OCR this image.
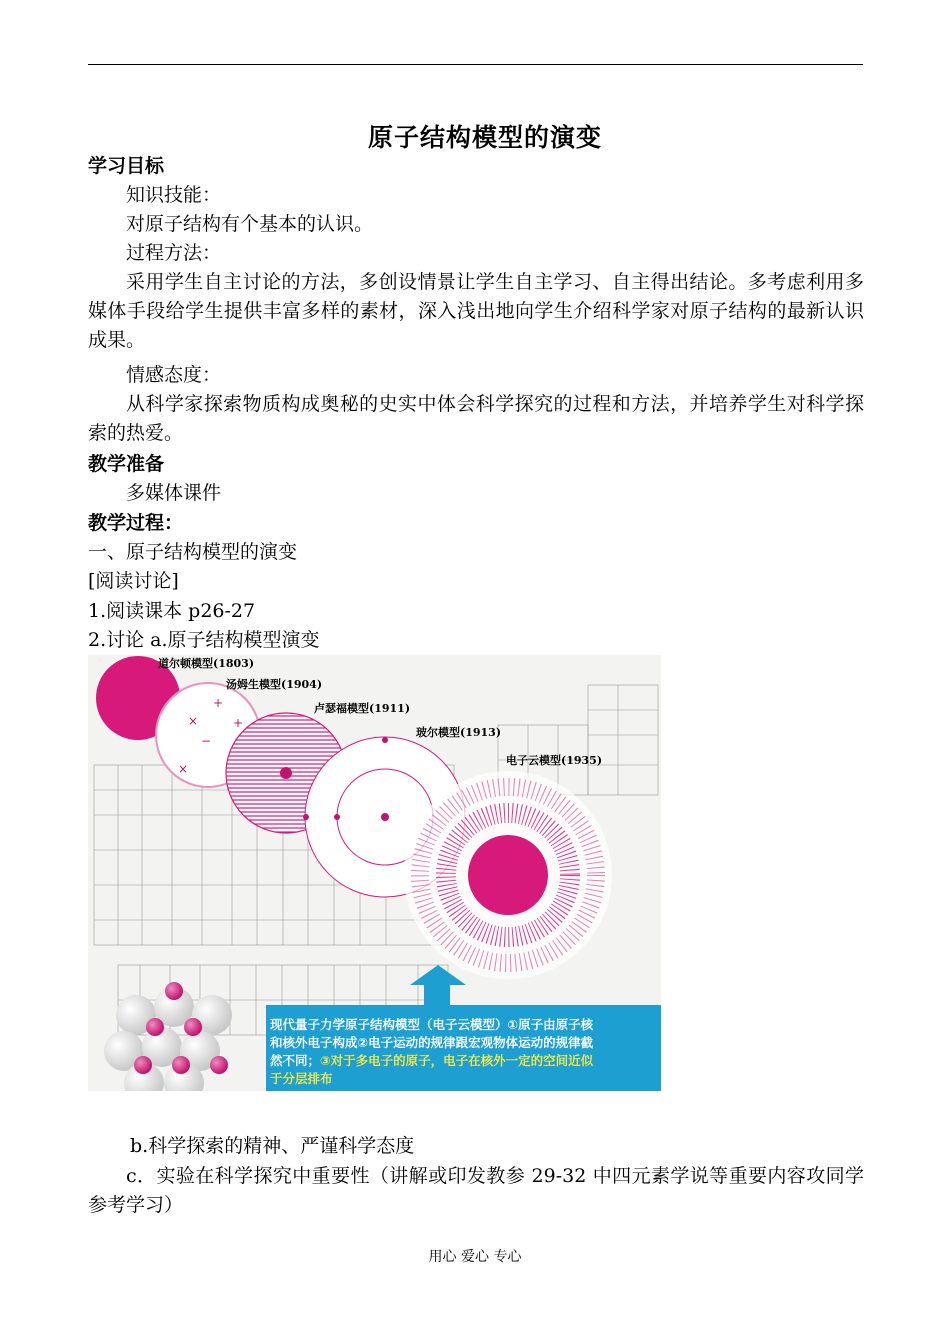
原子结构模型的演变
学习目标
知识技能：
对原子结构有个基本的认识。
过程方法：
采用学生自主讨论的方法，多创设情景让学生自主学习、自主得出结论。多考虑利用多媒体手段给学生提供丰富多样的素材，深入浅出地向学生介绍科学家对原子结构的最新认识成果。
情感态度：
从科学家探索物质构成奥秘的史实中体会科学探究的过程和方法，并培养学生对科学探索的热爱。
教学准备
多媒体课件
教学过程：
一、原子结构模型的演变
[阅读讨论]
1.阅读课本 p26-27
2.讨论 a.原子结构模型演变
×
+
−
×
+
现代量子力学原子结构模型（电子云模型）①原子由原子核
和核外电子构成②电子运动的规律跟宏观物体运动的规律截
然不同；③对于多电子的原子，电子在核外一定的空间近似
于分层排布
道尔顿模型(1803)
汤姆生模型(1904)
卢瑟福模型(1911)
玻尔模型(1913)
电子云模型(1935)
b.科学探索的精神、严谨科学态度
c．实验在科学探究中重要性（讲解或印发教参 29-32 中四元素学说等重要内容攻同学参考学习）
用心 爱心 专心
